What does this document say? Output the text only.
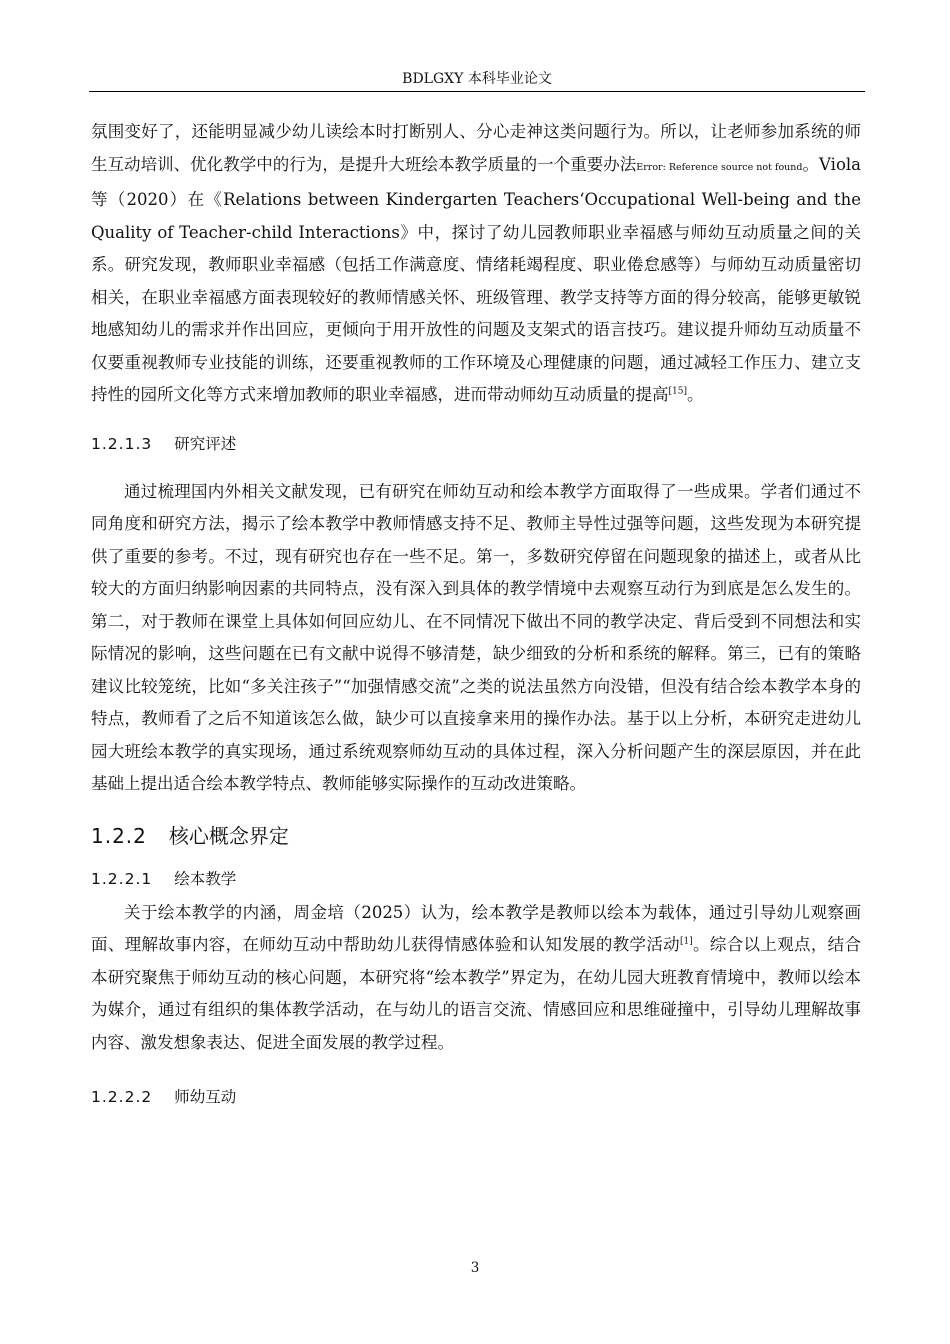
BDLGXY 本科毕业论文

氛围变好了，还能明显减少幼儿读绘本时打断别人、分心走神这类问题行为。所以，让老师参加系统的师生互动培训、优化教学中的行为，是提升大班绘本教学质量的一个重要办法Error: Reference source not found。Viola 等（2020）在《Relations between Kindergarten Teachers‘Occupational Well-being and the Quality of Teacher-child Interactions》中，探讨了幼儿园教师职业幸福感与师幼互动质量之间的关系。研究发现，教师职业幸福感（包括工作满意度、情绪耗竭程度、职业倦怠感等）与师幼互动质量密切相关，在职业幸福感方面表现较好的教师情感关怀、班级管理、教学支持等方面的得分较高，能够更敏锐地感知幼儿的需求并作出回应，更倾向于用开放性的问题及支架式的语言技巧。建议提升师幼互动质量不仅要重视教师专业技能的训练，还要重视教师的工作环境及心理健康的问题，通过减轻工作压力、建立支持性的园所文化等方式来增加教师的职业幸福感，进而带动师幼互动质量的提高[15]。

1.2.1.3 研究评述

通过梳理国内外相关文献发现，已有研究在师幼互动和绘本教学方面取得了一些成果。学者们通过不同角度和研究方法，揭示了绘本教学中教师情感支持不足、教师主导性过强等问题，这些发现为本研究提供了重要的参考。不过，现有研究也存在一些不足。第一，多数研究停留在问题现象的描述上，或者从比较大的方面归纳影响因素的共同特点，没有深入到具体的教学情境中去观察互动行为到底是怎么发生的。第二，对于教师在课堂上具体如何回应幼儿、在不同情况下做出不同的教学决定、背后受到不同想法和实际情况的影响，这些问题在已有文献中说得不够清楚，缺少细致的分析和系统的解释。第三，已有的策略建议比较笼统，比如“多关注孩子”“加强情感交流”之类的说法虽然方向没错，但没有结合绘本教学本身的特点，教师看了之后不知道该怎么做，缺少可以直接拿来用的操作办法。基于以上分析，本研究走进幼儿园大班绘本教学的真实现场，通过系统观察师幼互动的具体过程，深入分析问题产生的深层原因，并在此基础上提出适合绘本教学特点、教师能够实际操作的互动改进策略。

1.2.2 核心概念界定
1.2.2.1 绘本教学

关于绘本教学的内涵，周金培（2025）认为，绘本教学是教师以绘本为载体，通过引导幼儿观察画面、理解故事内容，在师幼互动中帮助幼儿获得情感体验和认知发展的教学活动[1]。综合以上观点，结合本研究聚焦于师幼互动的核心问题，本研究将“绘本教学”界定为，在幼儿园大班教育情境中，教师以绘本为媒介，通过有组织的集体教学活动，在与幼儿的语言交流、情感回应和思维碰撞中，引导幼儿理解故事内容、激发想象表达、促进全面发展的教学过程。

1.2.2.2 师幼互动
3
